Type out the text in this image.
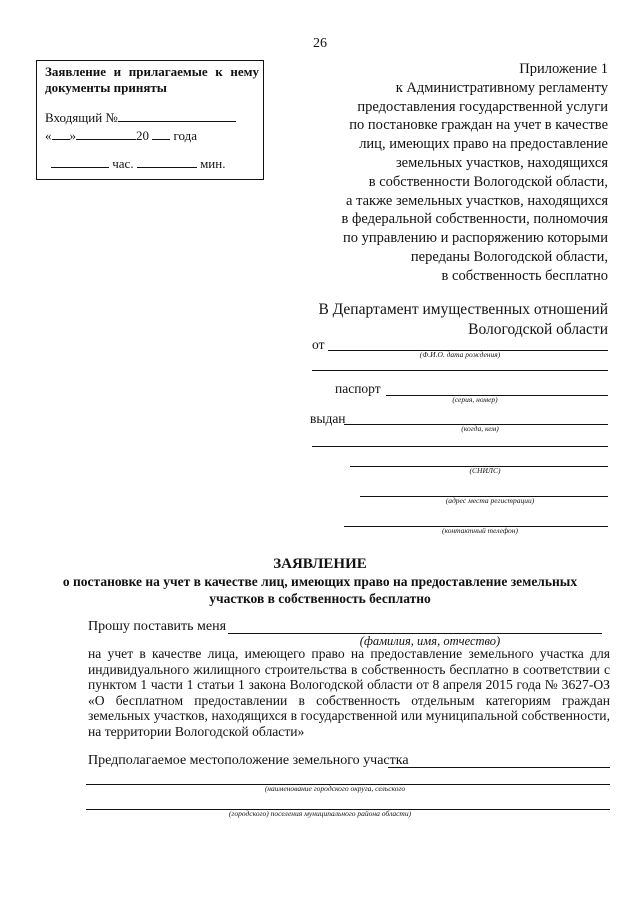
26
Заявление и прилагаемые к нему документы приняты
Входящий №
« »	20 года
час.	мин.
Приложение 1
к Административному регламенту
предоставления государственной услуги
по постановке граждан на учет в качестве
лиц, имеющих право на предоставление
земельных участков, находящихся
в собственности Вологодской области,
а также земельных участков, находящихся
в федеральной собственности, полномочия
по управлению и распоряжению которыми
переданы Вологодской области,
в собственность бесплатно
В Департамент имущественных отношений
Вологодской области
от
(Ф.И.О. дата рождения)
паспорт
(серия, номер)
выдан
(когда, кем)
(СНИЛС)
(адрес места регистрации)
(контактный телефон)
ЗАЯВЛЕНИЕ
о постановке на учет в качестве лиц, имеющих право на предоставление земельных
участков в собственность бесплатно
Прошу поставить меня
(фамилия, имя, отчество)
на учет в качестве лица, имеющего право на предоставление земельного участка для индивидуального жилищного строительства в собственность бесплатно в соответствии с пунктом 1 части 1 статьи 1 закона Вологодской области от 8 апреля 2015 года № 3627-ОЗ «О бесплатном предоставлении в собственность отдельным категориям граждан земельных участков, находящихся в государственной или муниципальной собственности, на территории Вологодской области»
Предполагаемое местоположение земельного участка
(наименование городского округа, сельского
(городского) поселения муниципального района области)
